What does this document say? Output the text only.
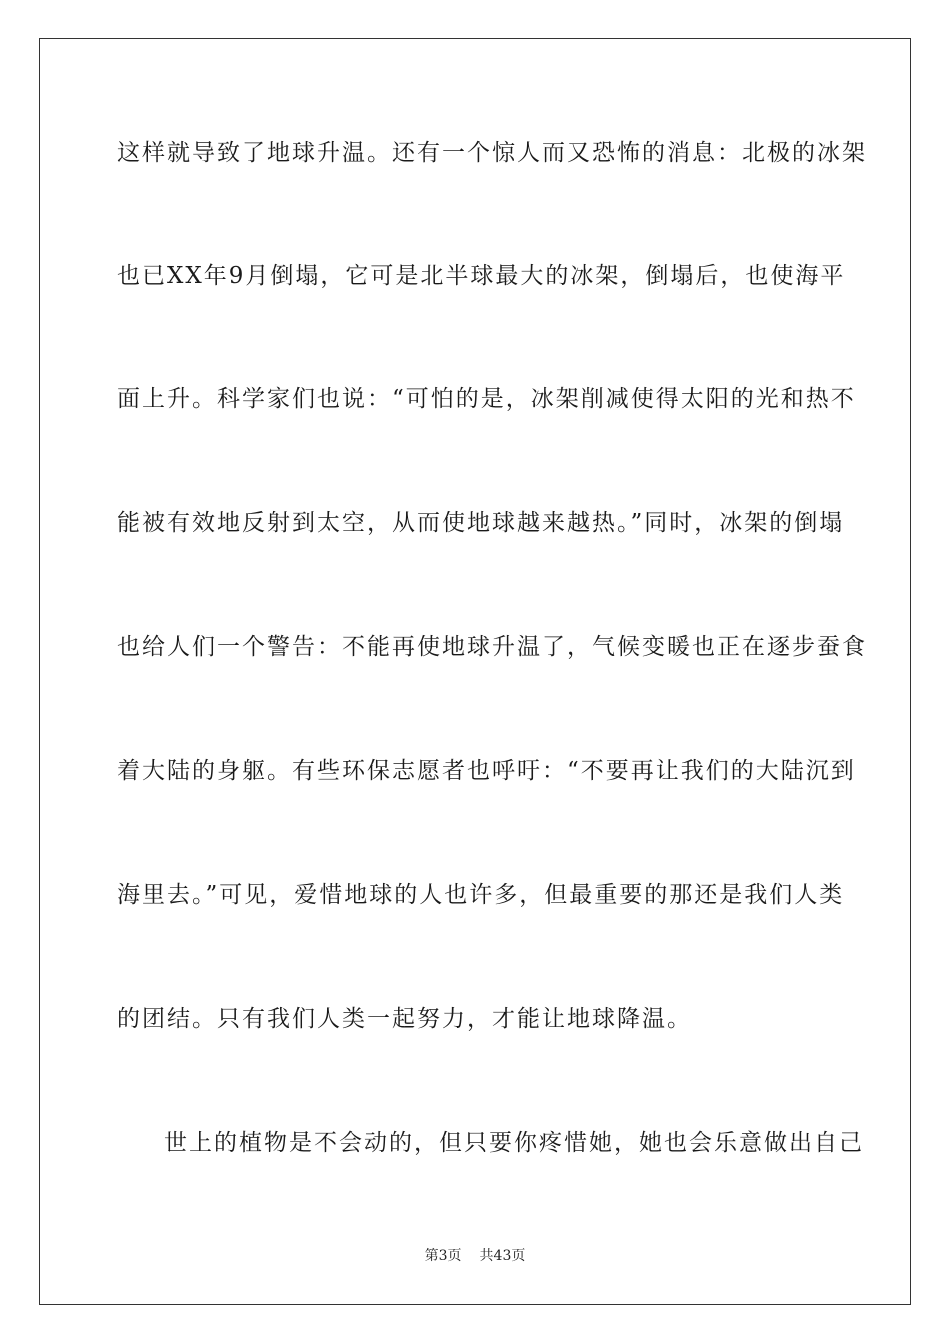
这样就导致了地球升温。还有一个惊人而又恐怖的消息：北极的冰架
也已XX年9月倒塌，它可是北半球最大的冰架，倒塌后，也使海平
面上升。科学家们也说：“可怕的是，冰架削减使得太阳的光和热不
能被有效地反射到太空，从而使地球越来越热。”同时，冰架的倒塌
也给人们一个警告：不能再使地球升温了，气候变暖也正在逐步蚕食
着大陆的身躯。有些环保志愿者也呼吁：“不要再让我们的大陆沉到
海里去。”可见，爱惜地球的人也许多，但最重要的那还是我们人类
的团结。只有我们人类一起努力，才能让地球降温。
世上的植物是不会动的，但只要你疼惜她，她也会乐意做出自己
第3页 共43页
